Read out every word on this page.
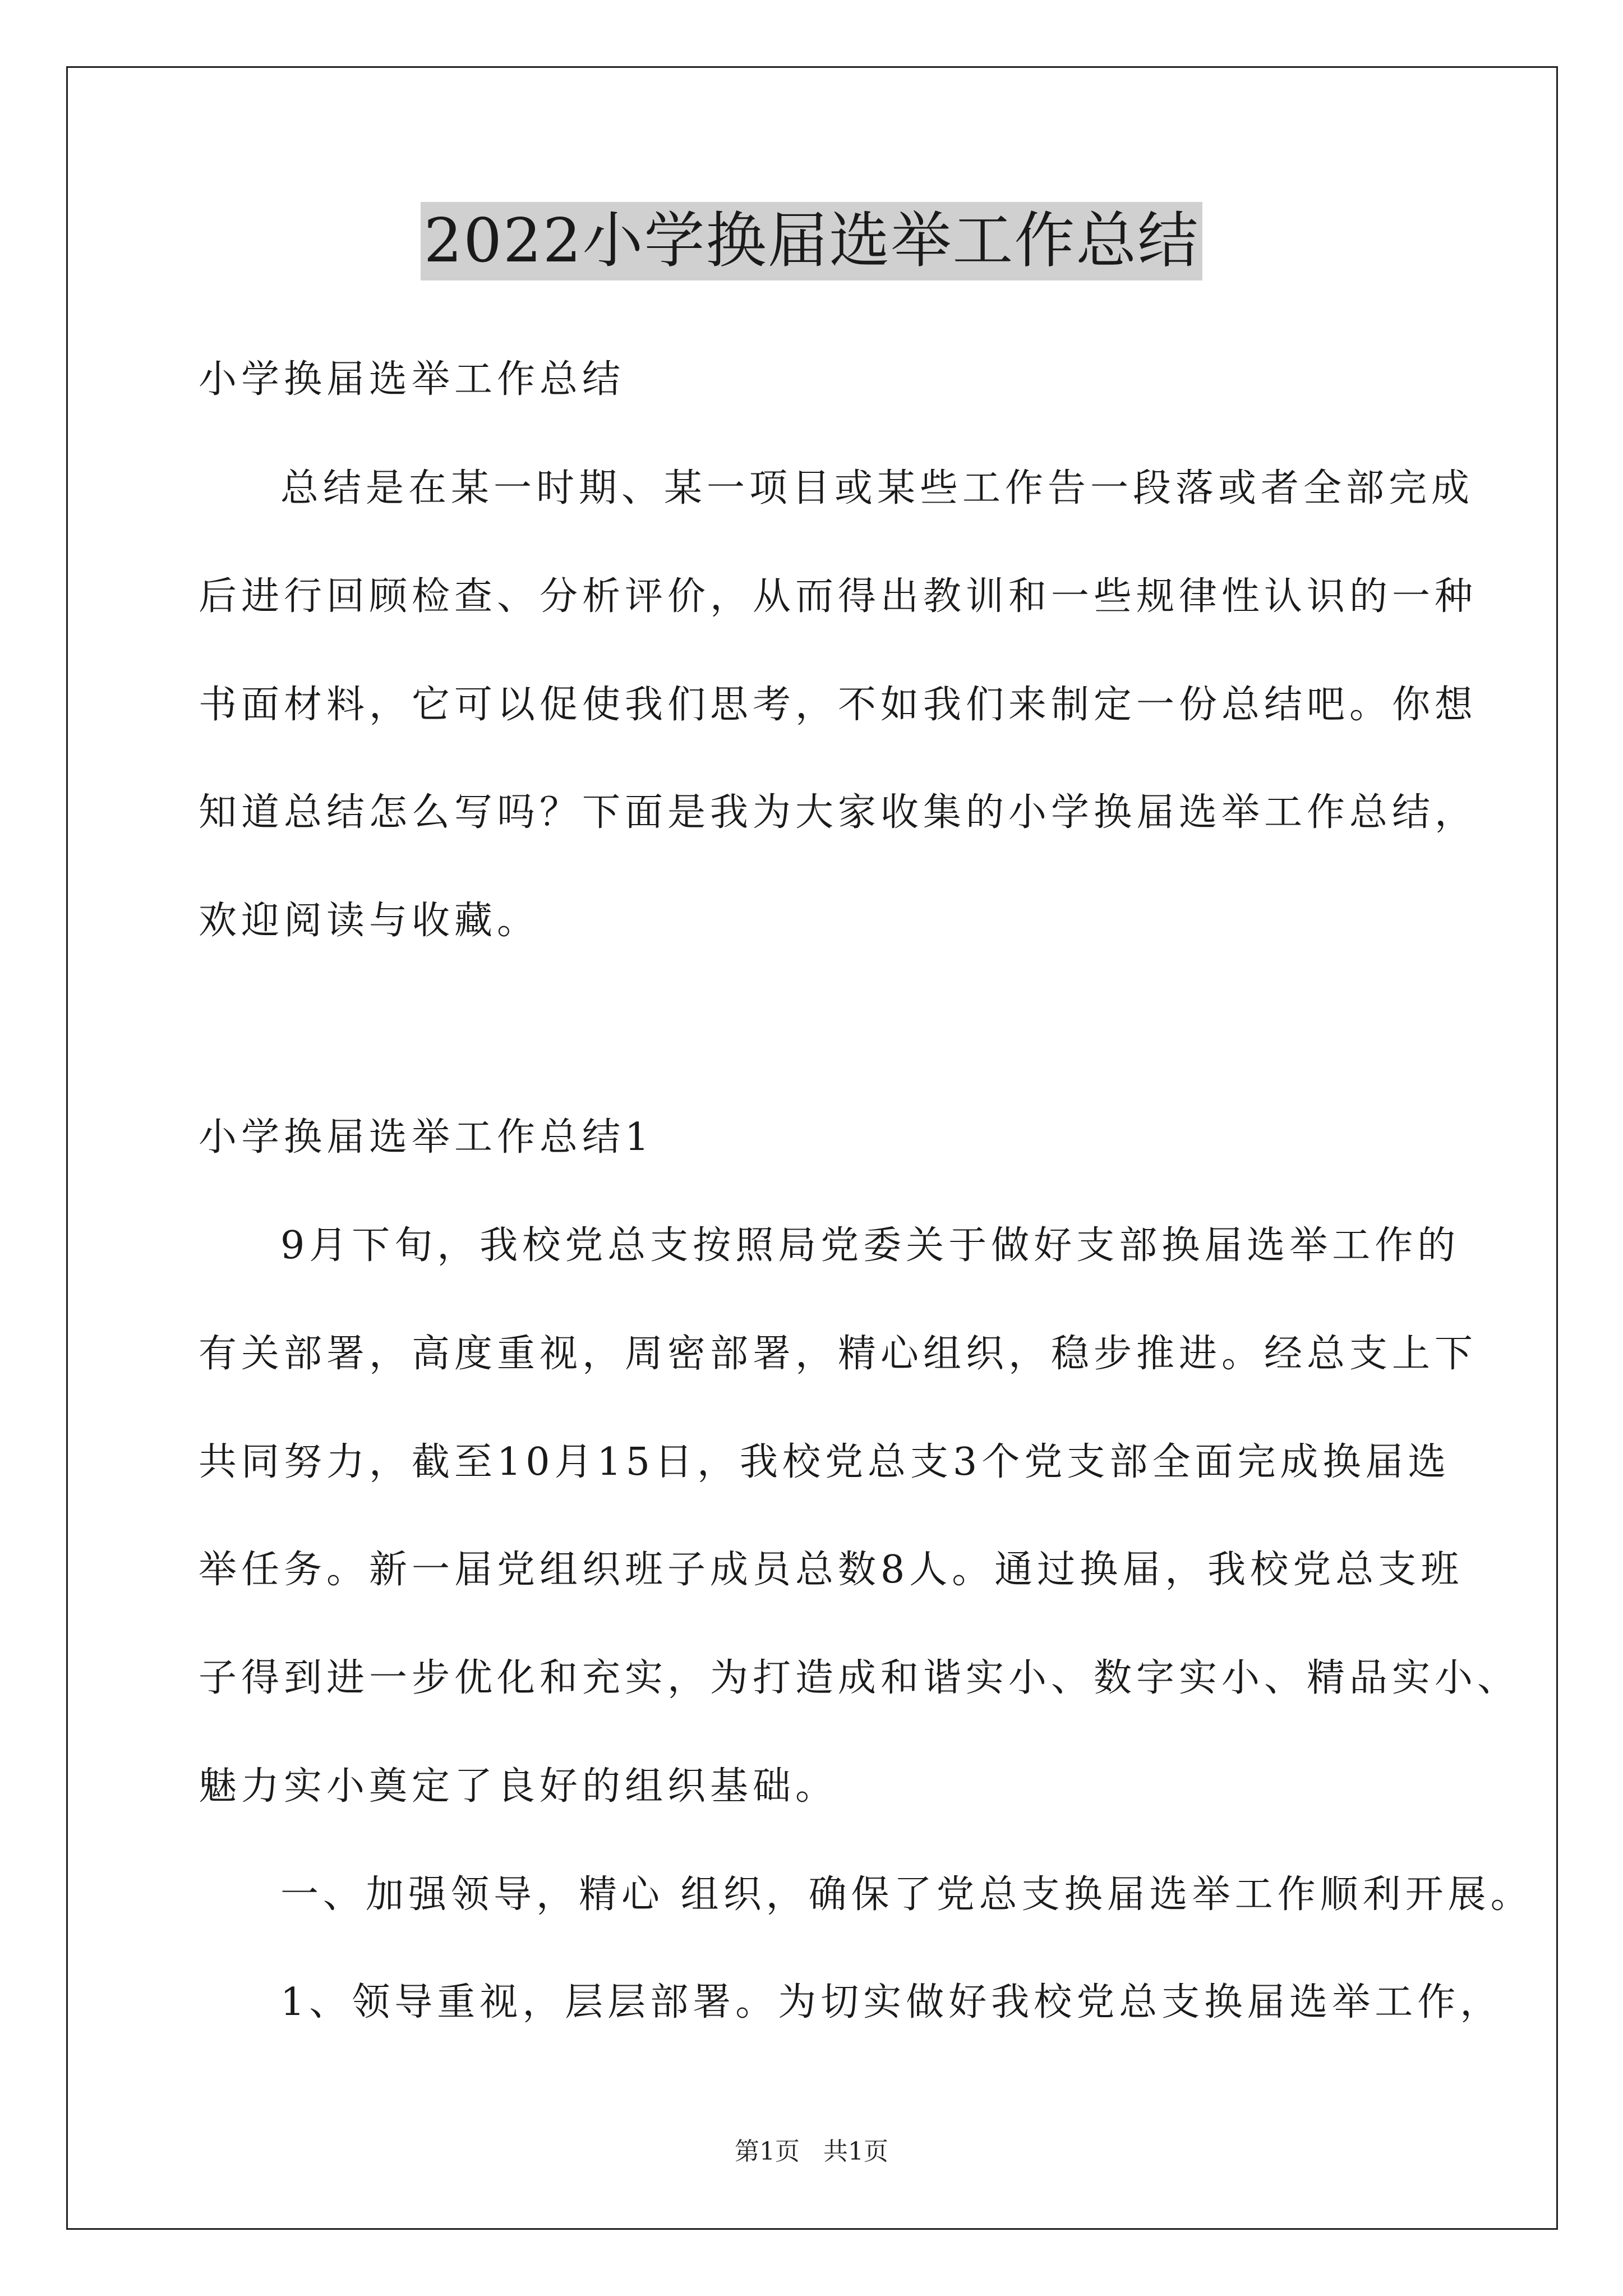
2022小学换届选举工作总结
小学换届选举工作总结
总结是在某一时期、某一项目或某些工作告一段落或者全部完成
后进行回顾检查、分析评价，从而得出教训和一些规律性认识的一种
书面材料，它可以促使我们思考，不如我们来制定一份总结吧。你想
知道总结怎么写吗？下面是我为大家收集的小学换届选举工作总结，
欢迎阅读与收藏。
小学换届选举工作总结1
9月下旬，我校党总支按照局党委关于做好支部换届选举工作的
有关部署，高度重视，周密部署，精心组织，稳步推进。经总支上下
共同努力，截至10月15日，我校党总支3个党支部全面完成换届选
举任务。新一届党组织班子成员总数8人。通过换届，我校党总支班
子得到进一步优化和充实，为打造成和谐实小、数字实小、精品实小、
魅力实小奠定了良好的组织基础。
一、加强领导，精心 组织，确保了党总支换届选举工作顺利开展。
1、领导重视，层层部署。为切实做好我校党总支换届选举工作，
第1页 共1页
